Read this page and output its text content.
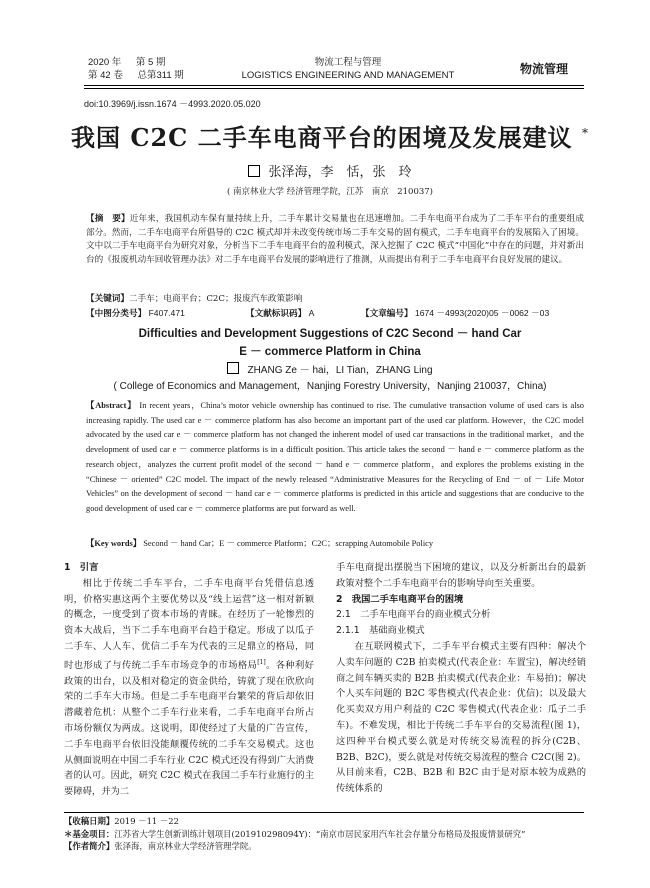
2020 年 第 5 期
第 42 卷 总第311 期
物流工程与管理
LOGISTICS ENGINEERING AND MANAGEMENT	物流管理
doi:10.3969/j.issn.1674 －4993.2020.05.020
我国 C2C 二手车电商平台的困境及发展建议 *
张泽海，李　恬，张　玲
( 南京林业大学 经济管理学院，江苏　南京　210037)
【摘　要】近年来，我国机动车保有量持续上升，二手车累计交易量也在迅速增加。二手车电商平台成为了二手车平台的重要组成部分。然而，二手车电商平台所倡导的 C2C 模式却并未改变传统市场二手车交易的固有模式，二手车电商平台的发展陷入了困境。文中以二手车电商平台为研究对象，分析当下二手车电商平台的盈利模式，深入挖掘了 C2C 模式“中国化”中存在的问题，并对新出台的《报废机动车回收管理办法》对二手车电商平台发展的影响进行了推测，从而提出有利于二手车电商平台良好发展的建议。
【关键词】二手车；电商平台；C2C；报废汽车政策影响
【中图分类号】 F407.471	【文献标识码】 A	【文章编号】 1674 －4993(2020)05 －0062 －03
Difficulties and Development Suggestions of C2C Second － hand Car
E － commerce Platform in China
ZHANG Ze － hai，LI Tian，ZHANG Ling
( College of Economics and Management，Nanjing Forestry University，Nanjing 210037，China)
【Abstract】 In recent years，China’s motor vehicle ownership has continued to rise. The cumulative transaction volume of used cars is also increasing rapidly. The used car e － commerce platform has also become an important part of the used car platform. However，the C2C model advocated by the used car e － commerce platform has not changed the inherent model of used car transactions in the traditional market，and the development of used car e － commerce platforms is in a difficult position. This article takes the second － hand e － commerce platform as the research object，analyzes the current profit model of the second － hand e － commerce platform，and explores the problems existing in the “Chinese － oriented” C2C model. The impact of the newly released “Administrative Measures for the Recycling of End － of － Life Motor Vehicles” on the development of second － hand car e － commerce platforms is predicted in this article and suggestions that are conducive to the good development of used car e － commerce platforms are put forward as well.
【Key words】 Second － hand Car；E － commerce Platform；C2C；scrapping Automobile Policy

1　引言

相比于传统二手车平台，二手车电商平台凭借信息透明，价格实惠这两个主要优势以及“线上运营”这一相对新颖的概念，一度受到了资本市场的青睐。在经历了一轮惨烈的资本大战后，当下二手车电商平台趋于稳定。形成了以瓜子二手车、人人车、优信二手车为代表的三足鼎立的格局，同时也形成了与传统二手车市场竞争的市场格局[1]。各种利好政策的出台，以及相对稳定的资金供给，铸就了现在欣欣向荣的二手车大市场。但是二手车电商平台繁荣的背后却依旧潜藏着危机：从整个二手车行业来看，二手车电商平台所占市场份额仅为两成。这说明，即使经过了大量的广告宣传，二手车电商平台依旧没能颠覆传统的二手车交易模式。这也从侧面说明在中国二手车行业 C2C 模式还没有得到广大消费者的认可。因此，研究 C2C 模式在我国二手车行业施行的主要障碍，并为二

手车电商提出摆脱当下困境的建议，以及分析新出台的最新政策对整个二手车电商平台的影响导向至关重要。

2　我国二手车电商平台的困境

2.1　二手车电商平台的商业模式分析

2.1.1　基础商业模式

在互联网模式下，二手车平台模式主要有四种：解决个人卖车问题的 C2B 拍卖模式(代表企业：车置宝)，解决经销商之间车辆买卖的 B2B 拍卖模式(代表企业：车易拍)；解决个人买车问题的 B2C 零售模式(代表企业：优信)；以及最大化买卖双方用户利益的 C2C 零售模式(代表企业：瓜子二手车)。不难发现，相比于传统二手车平台的交易流程(图 1)，这四种平台模式要么就是对传统交易流程的拆分(C2B、B2B、B2C)，要么就是对传统交易流程的整合 C2C(图 2)。从目前来看，C2B、B2B 和 B2C 由于是对原本较为成熟的传统体系的

【收稿日期】2019 －11 －22
＊基金项目：江苏省大学生创新训练计划项目(201910298094Y)：“南京市居民家用汽车社会存量分布格局及报废情景研究”
【作者简介】张泽海，南京林业大学经济管理学院。
